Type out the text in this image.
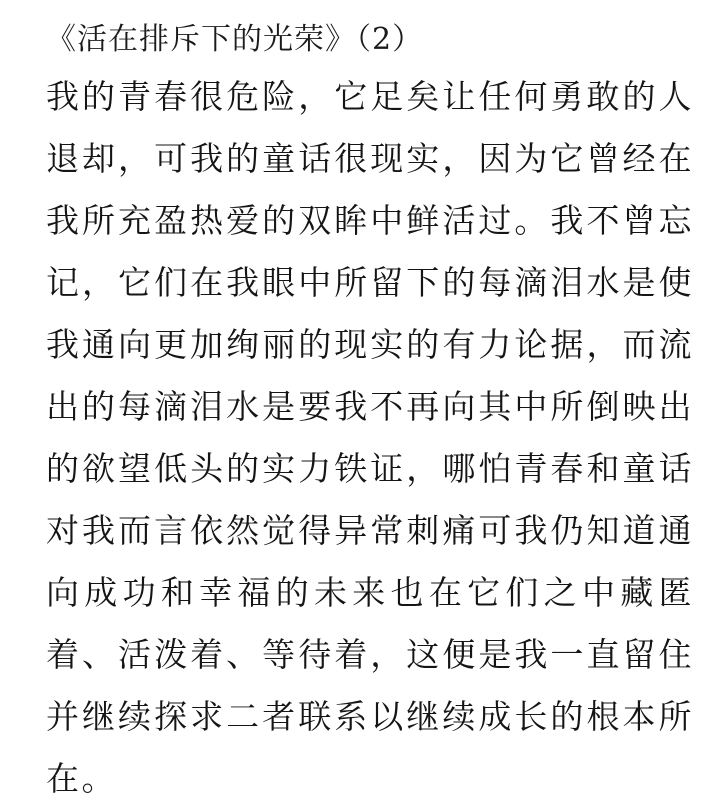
《活在排斥下的光荣》（2）

我的青春很危险，它足矣让任何勇敢的人退却，可我的童话很现实，因为它曾经在我所充盈热爱的双眸中鲜活过。我不曾忘记，它们在我眼中所留下的每滴泪水是使我通向更加绚丽的现实的有力论据，而流出的每滴泪水是要我不再向其中所倒映出的欲望低头的实力铁证，哪怕青春和童话对我而言依然觉得异常刺痛可我仍知道通向成功和幸福的未来也在它们之中藏匿着、活泼着、等待着，这便是我一直留住并继续探求二者联系以继续成长的根本所在。
